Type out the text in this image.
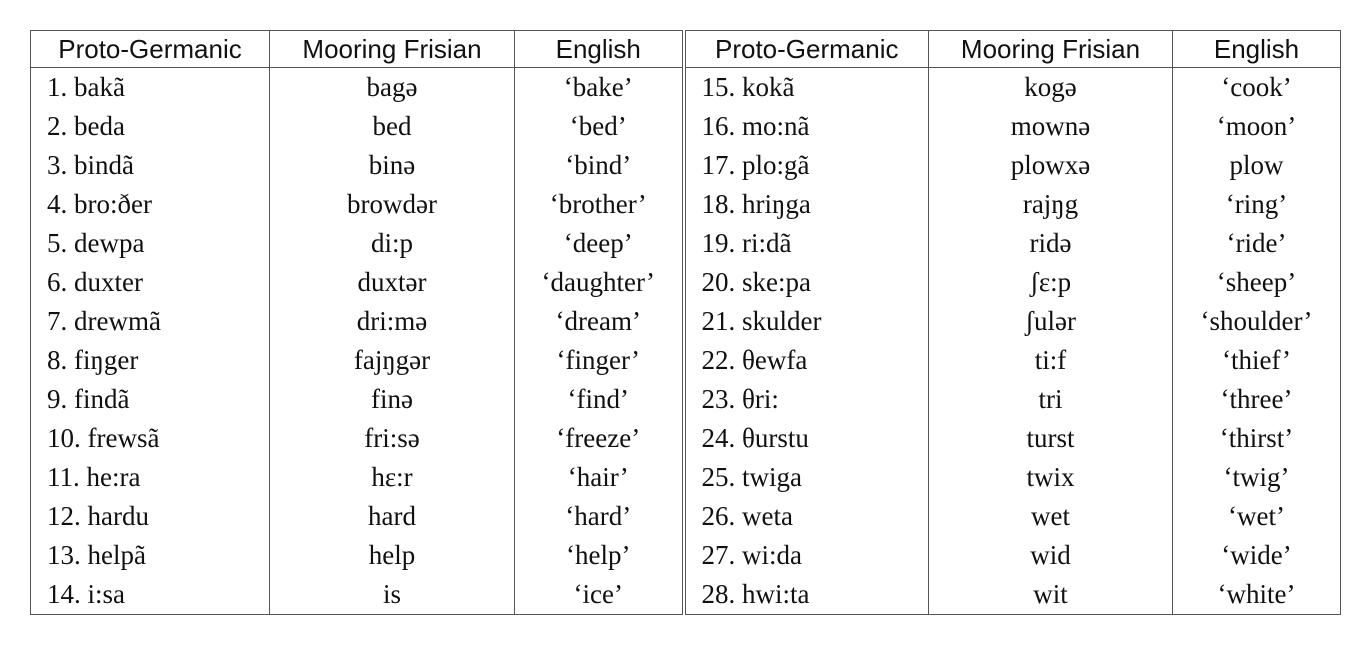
Proto-Germanic	Mooring Frisian	English	Proto-Germanic	Mooring Frisian	English
1. bakã	bagə	‘bake’	15. kokã	kogə	‘cook’
2. beda	bed	‘bed’	16. mo:nã	mownə	‘moon’
3. bindã	binə	‘bind’	17. plo:gã	plowxə	plow
4. bro:ðer	browdər	‘brother’	18. hriŋga	rajŋg	‘ring’
5. dewpa	di:p	‘deep’	19. ri:dã	ridə	‘ride’
6. duxter	duxtər	‘daughter’	20. ske:pa	ʃε:p	‘sheep’
7. drewmã	dri:mə	‘dream’	21. skulder	ʃulər	‘shoulder’
8. fiŋger	fajŋgər	‘finger’	22. θewfa	ti:f	‘thief’
9. findã	finə	‘find’	23. θri:	tri	‘three’
10. frewsã	fri:sə	‘freeze’	24. θurstu	turst	‘thirst’
11. he:ra	hε:r	‘hair’	25. twiga	twix	‘twig’
12. hardu	hard	‘hard’	26. weta	wet	‘wet’
13. helpã	help	‘help’	27. wi:da	wid	‘wide’
14. i:sa	is	‘ice’	28. hwi:ta	wit	‘white’
